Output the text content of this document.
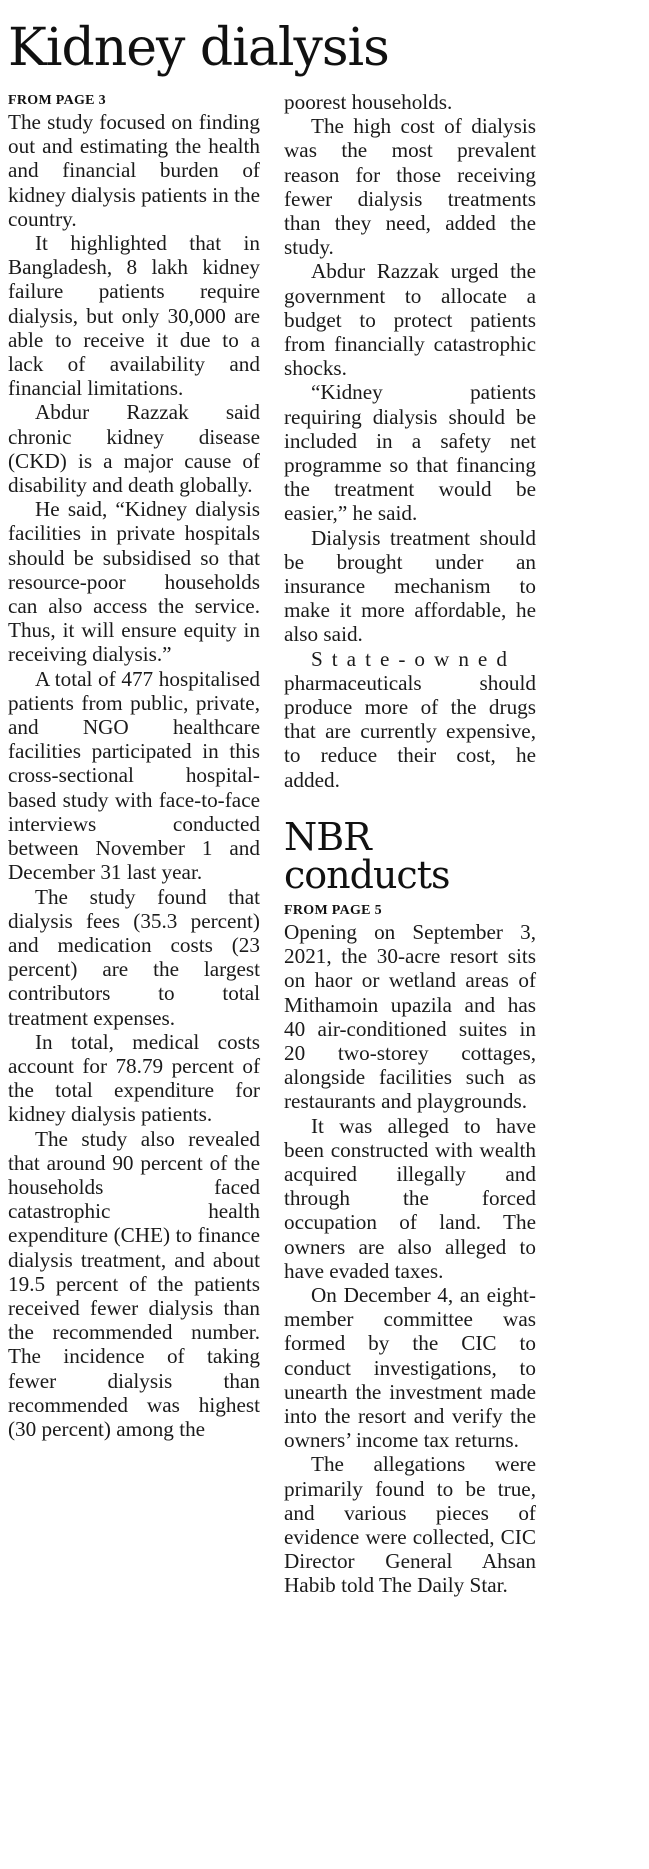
Kidney dialysis
FROM PAGE 3

The study focused on finding out and estimating the health and financial burden of kidney dialysis patients in the country.

It highlighted that in Bangladesh, 8 lakh kidney failure patients require dialysis, but only 30,000 are able to receive it due to a lack of availability and financial limitations.

Abdur Razzak said chronic kidney disease (CKD) is a major cause of disability and death globally.

He said, “Kidney dialysis facilities in private hospitals should be subsidised so that resource-poor households can also access the service. Thus, it will ensure equity in receiving dialysis.”

A total of 477 hospitalised patients from public, private, and NGO healthcare facilities participated in this cross-sectional hospital-based study with face-to-face interviews conducted between November 1 and December 31 last year.

The study found that dialysis fees (35.3 percent) and medication costs (23 percent) are the largest contributors to total treatment expenses.

In total, medical costs account for 78.79 percent of the total expenditure for kidney dialysis patients.

The study also revealed that around 90 percent of the households faced catastrophic health expenditure (CHE) to finance dialysis treatment, and about 19.5 percent of the patients received fewer dialysis than the recommended number. The incidence of taking fewer dialysis than recommended was highest (30 percent) among the

poorest households.

The high cost of dialysis was the most prevalent reason for those receiving fewer dialysis treatments than they need, added the study.

Abdur Razzak urged the government to allocate a budget to protect patients from financially catastrophic shocks.

“Kidney patients requiring dialysis should be included in a safety net programme so that financing the treatment would be easier,” he said.

Dialysis treatment should be brought under an insurance mechanism to make it more affordable, he also said.

State-owned

pharmaceuticals should produce more of the drugs that are currently expensive, to reduce their cost, he added.

NBR conducts
FROM PAGE 5

Opening on September 3, 2021, the 30-acre resort sits on haor or wetland areas of Mithamoin upazila and has 40 air-conditioned suites in 20 two-storey cottages, alongside facilities such as restaurants and playgrounds.

It was alleged to have been constructed with wealth acquired illegally and through the forced occupation of land. The owners are also alleged to have evaded taxes.

On December 4, an eight-member committee was formed by the CIC to conduct investigations, to unearth the investment made into the resort and verify the owners’ income tax returns.

The allegations were primarily found to be true, and various pieces of evidence were collected, CIC Director General Ahsan Habib told The Daily Star.
